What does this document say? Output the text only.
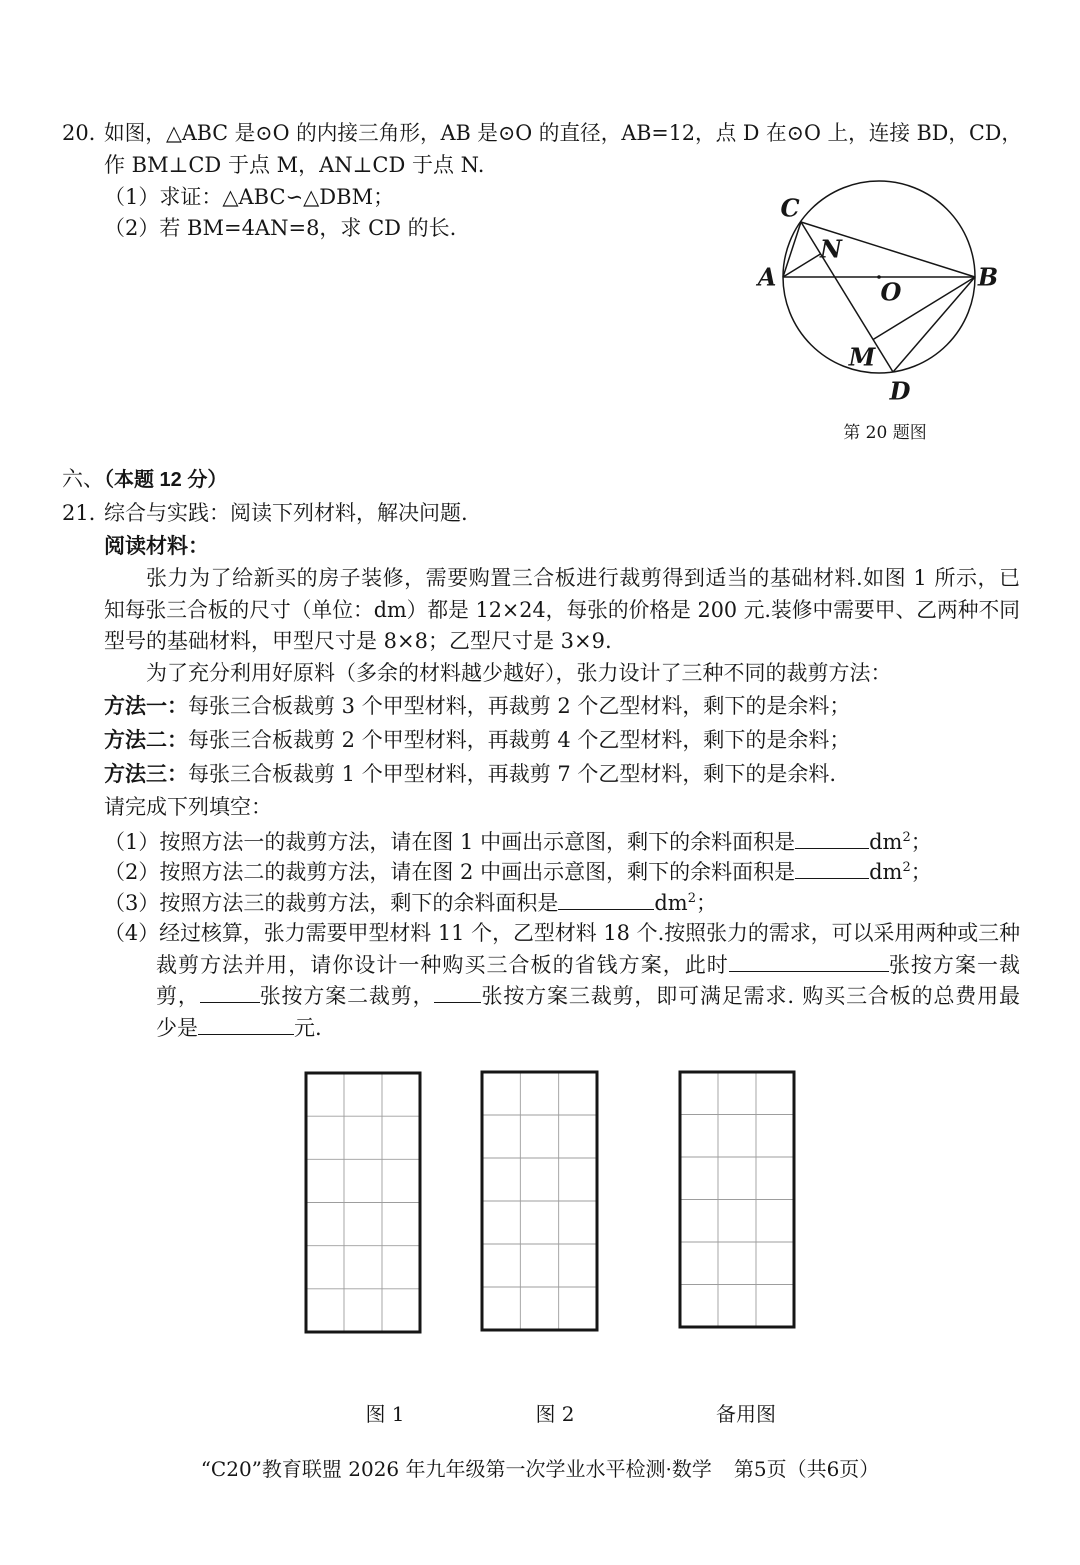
20．
如图，△ABC 是⊙O 的内接三角形，AB 是⊙O 的直径，AB=12，点 D 在⊙O 上，连接 BD，CD，
作 BM⊥CD 于点 M，AN⊥CD 于点 N.
（1）求证：△ABC∽△DBM；
（2）若 BM=4AN=8，求 CD 的长.
C
A	B
O
N
M
D
第 20 题图
六、（本题 12 分）
21．
综合与实践：阅读下列材料，解决问题.
阅读材料：
张力为了给新买的房子装修，需要购置三合板进行裁剪得到适当的基础材料.如图 1 所示，已
知每张三合板的尺寸（单位：dm）都是 12×24，每张的价格是 200 元.装修中需要甲、乙两种不同
型号的基础材料，甲型尺寸是 8×8；乙型尺寸是 3×9.
为了充分利用好原料（多余的材料越少越好），张力设计了三种不同的裁剪方法：
方法一：每张三合板裁剪 3 个甲型材料，再裁剪 2 个乙型材料，剩下的是余料；
方法二：每张三合板裁剪 2 个甲型材料，再裁剪 4 个乙型材料，剩下的是余料；
方法三：每张三合板裁剪 1 个甲型材料，再裁剪 7 个乙型材料，剩下的是余料.
请完成下列填空：
（1）按照方法一的裁剪方法，请在图 1 中画出示意图，剩下的余料面积是	$dm^2$；
（2）按照方法二的裁剪方法，请在图 2 中画出示意图，剩下的余料面积是	$dm^2$；
（3）按照方法三的裁剪方法，剩下的余料面积是	$dm^2$；
（4）经过核算，张力需要甲型材料 11 个，乙型材料 18 个.按照张力的需求，可以采用两种或三种
裁剪方法并用，请你设计一种购买三合板的省钱方案，此时	张按方案一裁
剪，	张按方案二裁剪， 张按方案三裁剪，即可满足需求. 购买三合板的总费用最
少是	元.
图 1	图 2	备用图
“C20”教育联盟 2026 年九年级第一次学业水平检测·数学 第5页（共6页）
